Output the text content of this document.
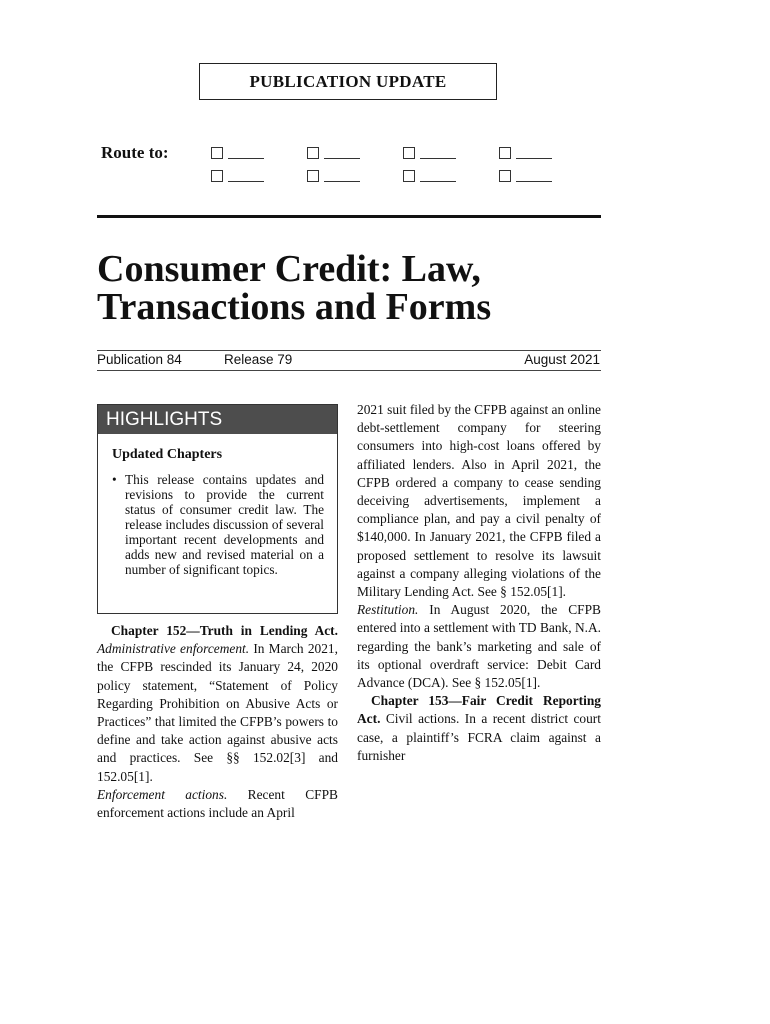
PUBLICATION UPDATE
Route to:
Consumer Credit: Law,
Transactions and Forms
Publication 84	Release 79	August 2021
HIGHLIGHTS
Updated Chapters
• This release contains updates and revisions to provide the current status of consumer credit law. The release includes discussion of several important recent developments and adds new and revised material on a number of significant topics.

Chapter 152—Truth in Lending Act. Administrative enforcement. In March 2021, the CFPB rescinded its January 24, 2020 policy statement, “Statement of Policy Regarding Prohibition on Abusive Acts or Practices” that limited the CFPB’s powers to define and take action against abusive acts and practices. See §§ 152.02[3] and 152.05[1].

Enforcement actions. Recent CFPB enforcement actions include an April

2021 suit filed by the CFPB against an online debt-settlement company for steering consumers into high-cost loans offered by affiliated lenders. Also in April 2021, the CFPB ordered a company to cease sending deceiving advertisements, implement a compliance plan, and pay a civil penalty of $140,000. In January 2021, the CFPB filed a proposed settlement to resolve its lawsuit against a company alleging violations of the Military Lending Act. See § 152.05[1].

Restitution. In August 2020, the CFPB entered into a settlement with TD Bank, N.A. regarding the bank’s marketing and sale of its optional overdraft service: Debit Card Advance (DCA). See § 152.05[1].

Chapter 153—Fair Credit Reporting Act. Civil actions. In a recent district court case, a plaintiff’s FCRA claim against a furnisher
